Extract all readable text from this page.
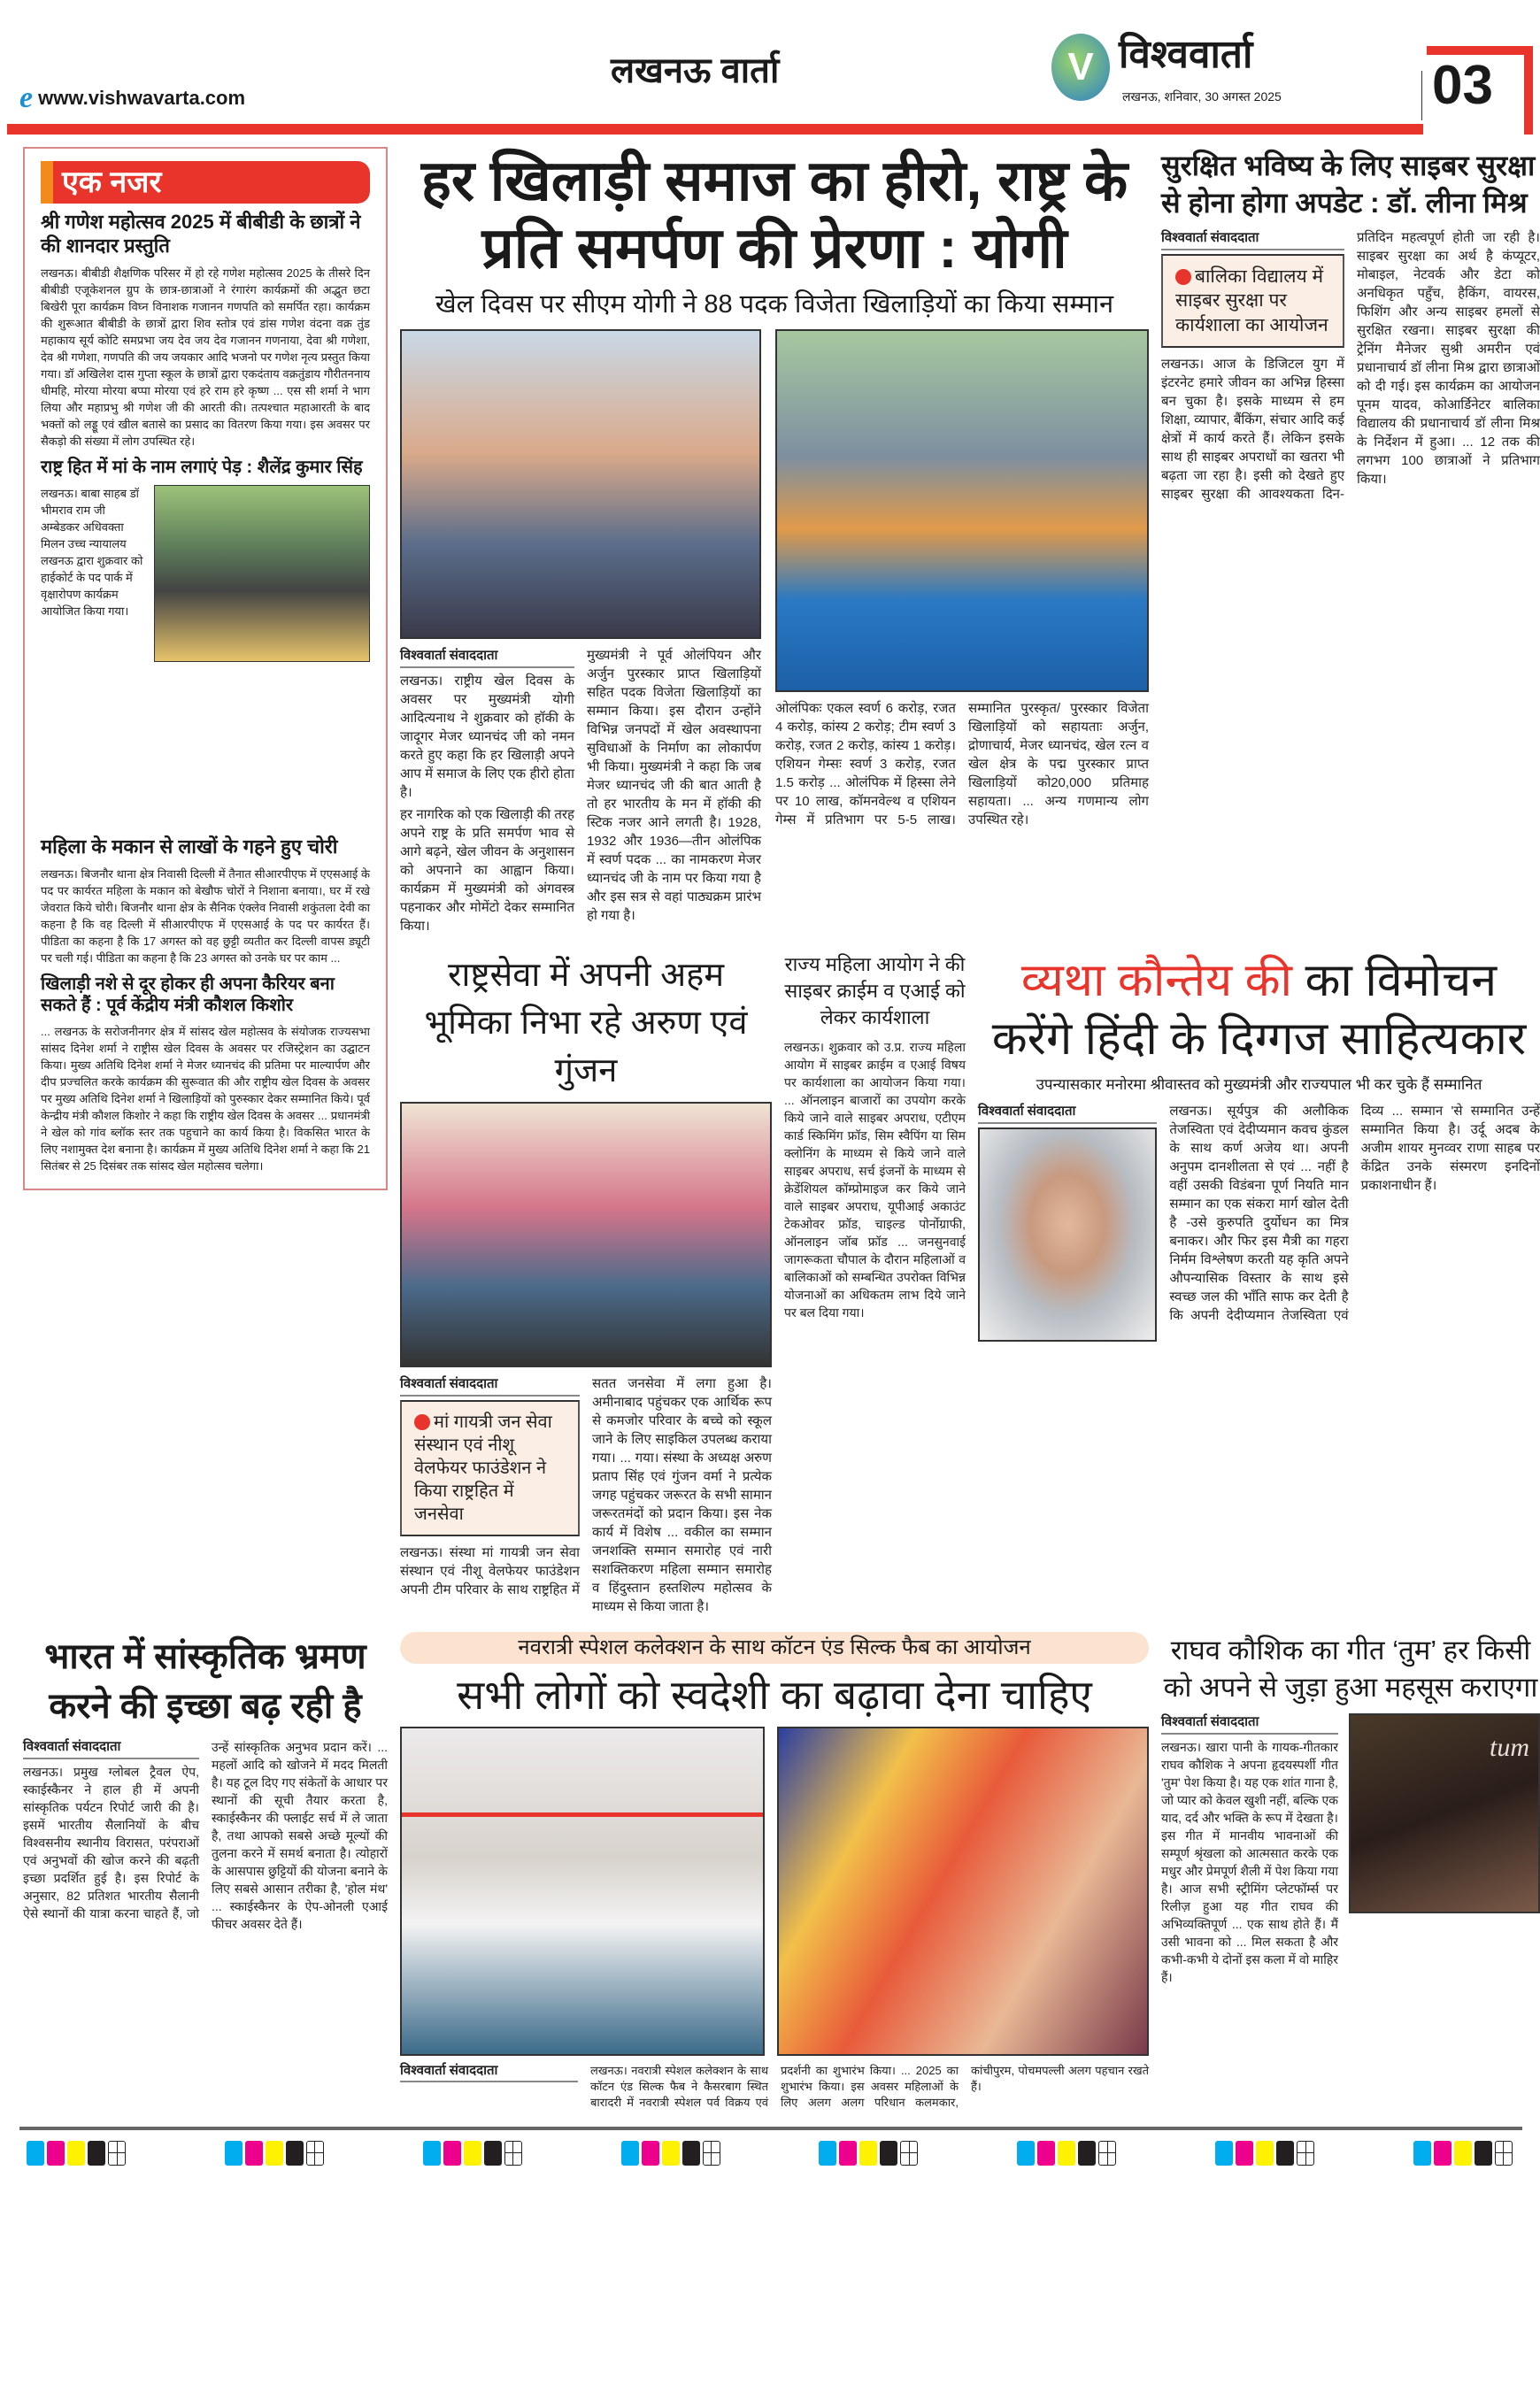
e www.vishwavarta.com
लखनऊ वार्ता	V विश्ववार्ता
लखनऊ, शनिवार, 30 अगस्त 2025	03
एक नजर
श्री गणेश महोत्सव 2025 में बीबीडी के छात्रों ने की शानदार प्रस्तुति
लखनऊ। बीबीडी शैक्षणिक परिसर में हो रहे गणेश महोत्सव 2025 के तीसरे दिन बीबीडी एजूकेशनल ग्रुप के छात्र-छात्राओं ने रंगारंग कार्यक्रमों की अद्भुत छटा बिखेरी पूरा कार्यक्रम विघ्न विनाशक गजानन गणपति को समर्पित रहा। कार्यक्रम की शुरूआत बीबीडी के छात्रों द्वारा शिव स्तोत्र एवं डांस गणेश वंदना वक्र तुंड महाकाय सूर्य कोटि समप्रभा जय देव जय देव गजानन गणनाया, देवा श्री गणेशा, देव श्री गणेशा, गणपति की जय जयकार आदि भजनो पर गणेश नृत्य प्रस्तुत किया गया। डॉ अखिलेश दास गुप्ता स्कूल के छात्रों द्वारा एकदंताय वक्रतुंडाय गौरीतननाय धीमहि, मोरया मोरया बप्पा मोरया एवं हरे राम हरे कृष्ण ... एस सी शर्मा ने भाग लिया और महाप्रभु श्री गणेश जी की आरती की। तत्पश्चात महाआरती के बाद भक्तों को लड्डू एवं खील बतासे का प्रसाद का वितरण किया गया। इस अवसर पर सैकड़ो की संख्या में लोग उपस्थित रहे।
राष्ट्र हित में मां के नाम लगाएं पेड़ : शैलेंद्र कुमार सिंह
लखनऊ। बाबा साहब डॉ भीमराव राम जी अम्बेडकर अधिवक्ता मिलन उच्च न्यायालय लखनऊ द्वारा शुक्रवार को हाईकोर्ट के पद पार्क में वृक्षारोपण कार्यक्रम आयोजित किया गया।
महिला के मकान से लाखों के गहने हुए चोरी
लखनऊ। बिजनौर थाना क्षेत्र निवासी दिल्ली में तैनात सीआरपीएफ में एएसआई के पद पर कार्यरत महिला के मकान को बेखौफ चोरों ने निशाना बनाया।, घर में रखे जेवरात किये चोरी। बिजनौर थाना क्षेत्र के सैनिक एंक्लेव निवासी शकुंतला देवी का कहना है कि वह दिल्ली में सीआरपीएफ में एएसआई के पद पर कार्यरत हैं। पीडिता का कहना है कि 17 अगस्त को वह छुट्टी व्यतीत कर दिल्ली वापस ड्यूटी पर चली गई। पीडिता का कहना है कि 23 अगस्त को उनके घर पर काम ...
खिलाड़ी नशे से दूर होकर ही अपना कैरियर बना सकते हैं : पूर्व केंद्रीय मंत्री कौशल किशोर
... लखनऊ के सरोजनीनगर क्षेत्र में सांसद खेल महोत्सव के संयोजक राज्यसभा सांसद दिनेश शर्मा ने राष्ट्रीस खेल दिवस के अवसर पर रजिस्ट्रेशन का उद्घाटन किया। मुख्य अतिथि दिनेश शर्मा ने मेजर ध्यानचंद की प्रतिमा पर माल्यार्पण और दीप प्रज्चलित करके कार्यक्रम की सुरूवात की और राष्ट्रीय खेल दिवस के अवसर पर मुख्य अतिथि दिनेश शर्मा ने खिलाड़ियों को पुरुस्कार देकर सम्मानित किये। पूर्व केन्द्रीय मंत्री कौशल किशोर ने कहा कि राष्ट्रीय खेल दिवस के अवसर ... प्रधानमंत्री ने खेल को गांव ब्लॉक स्तर तक पहुचाने का कार्य किया है। विकसित भारत के लिए नशामुक्त देश बनाना है। कार्यक्रम में मुख्य अतिथि दिनेश शर्मा ने कहा कि 21 सितंबर से 25 दिसंबर तक सांसद खेल महोत्सव चलेगा।
हर खिलाड़ी समाज का हीरो, राष्ट्र के प्रति समर्पण की प्रेरणा : योगी
खेल दिवस पर सीएम योगी ने 88 पदक विजेता खिलाड़ियों का किया सम्मान
विश्ववार्ता संवाददाता

लखनऊ। राष्ट्रीय खेल दिवस के अवसर पर मुख्यमंत्री योगी आदित्यनाथ ने शुक्रवार को हॉकी के जादूगर मेजर ध्यानचंद जी को नमन करते हुए कहा कि हर खिलाड़ी अपने आप में समाज के लिए एक हीरो होता है।

हर नागरिक को एक खिलाड़ी की तरह अपने राष्ट्र के प्रति समर्पण भाव से आगे बढ़ने, खेल जीवन के अनुशासन को अपनाने का आह्वान किया। कार्यक्रम में मुख्यमंत्री को अंगवस्त्र पहनाकर और मोमेंटो देकर सम्मानित किया।

मुख्यमंत्री ने पूर्व ओलंपियन और अर्जुन पुरस्कार प्राप्त खिलाड़ियों सहित पदक विजेता खिलाड़ियों का सम्मान किया। इस दौरान उन्होंने विभिन्न जनपदों में खेल अवस्थापना सुविधाओं के निर्माण का लोकार्पण भी किया। मुख्यमंत्री ने कहा कि जब मेजर ध्यानचंद जी की बात आती है तो हर भारतीय के मन में हॉकी की स्टिक नजर आने लगती है। 1928, 1932 और 1936—तीन ओलंपिक में स्वर्ण पदक ... का नामकरण मेजर ध्यानचंद जी के नाम पर किया गया है और इस सत्र से वहां पाठ्यक्रम प्रारंभ हो गया है।

ओलंपिकः एकल स्वर्ण 6 करोड़, रजत 4 करोड़, कांस्य 2 करोड़; टीम स्वर्ण 3 करोड़, रजत 2 करोड़, कांस्य 1 करोड़। एशियन गेम्सः स्वर्ण 3 करोड़, रजत 1.5 करोड़ ... ओलंपिक में हिस्सा लेने पर 10 लाख, कॉमनवेल्थ व एशियन गेम्स में प्रतिभाग पर 5-5 लाख। सम्मानित पुरस्कृत/ पुरस्कार विजेता खिलाड़ियों को सहायताः अर्जुन, द्रोणाचार्य, मेजर ध्यानचंद, खेल रत्न व खेल क्षेत्र के पद्म पुरस्कार प्राप्त खिलाड़ियों को20,000 प्रतिमाह सहायता। ... अन्य गणमान्य लोग उपस्थित रहे।

सुरक्षित भविष्य के लिए साइबर सुरक्षा से होना होगा अपडेट : डॉ. लीना मिश्र
विश्ववार्ता संवाददाता
बालिका विद्यालय में साइबर सुरक्षा पर कार्यशाला का आयोजन
लखनऊ। आज के डिजिटल युग में इंटरनेट हमारे जीवन का अभिन्न हिस्सा बन चुका है। इसके माध्यम से हम शिक्षा, व्यापार, बैंकिंग, संचार आदि कई क्षेत्रों में कार्य करते हैं। लेकिन इसके साथ ही साइबर अपराधों का खतरा भी बढ़ता जा रहा है। इसी को देखते हुए साइबर सुरक्षा की आवश्यकता दिन-प्रतिदिन महत्वपूर्ण होती जा रही है। साइबर सुरक्षा का अर्थ है कंप्यूटर, मोबाइल, नेटवर्क और डेटा को अनधिकृत पहुँच, हैकिंग, वायरस, फिशिंग और अन्य साइबर हमलों से सुरक्षित रखना। साइबर सुरक्षा की ट्रेनिंग मैनेजर सुश्री अमरीन एवं प्रधानाचार्य डॉ लीना मिश्र द्वारा छात्राओं को दी गई। इस कार्यक्रम का आयोजन पूनम यादव, कोआर्डिनेटर बालिका विद्यालय की प्रधानाचार्य डॉ लीना मिश्र के निर्देशन में हुआ। ... 12 तक की लगभग 100 छात्राओं ने प्रतिभाग किया।
राष्ट्रसेवा में अपनी अहम भूमिका निभा रहे अरुण एवं गुंजन
विश्ववार्ता संवाददाता
मां गायत्री जन सेवा संस्थान एवं नीशू वेलफेयर फाउंडेशन ने किया राष्ट्रहित में जनसेवा
लखनऊ। संस्था मां गायत्री जन सेवा संस्थान एवं नीशू वेलफेयर फाउंडेशन अपनी टीम परिवार के साथ राष्ट्रहित में सतत जनसेवा में लगा हुआ है। अमीनाबाद पहुंचकर एक आर्थिक रूप से कमजोर परिवार के बच्चे को स्कूल जाने के लिए साइकिल उपलब्ध कराया गया। ... गया। संस्था के अध्यक्ष अरुण प्रताप सिंह एवं गुंजन वर्मा ने प्रत्येक जगह पहुंचकर जरूरत के सभी सामान जरूरतमंदों को प्रदान किया। इस नेक कार्य में विशेष ... वकील का सम्मान जनशक्ति सम्मान समारोह एवं नारी सशक्तिकरण महिला सम्मान समारोह व हिंदुस्तान हस्तशिल्प महोत्सव के माध्यम से किया जाता है।
राज्य महिला आयोग ने की साइबर क्राईम व एआई को लेकर कार्यशाला
लखनऊ। शुक्रवार को उ.प्र. राज्य महिला आयोग में साइबर क्राईम व एआई विषय पर कार्यशाला का आयोजन किया गया। ... ऑनलाइन बाजारों का उपयोग करके किये जाने वाले साइबर अपराध, एटीएम कार्ड स्किमिंग फ्रॉड, सिम स्वैपिंग या सिम क्लोनिंग के माध्यम से किये जाने वाले साइबर अपराध, सर्च इंजनों के माध्यम से क्रेडेंशियल कॉम्प्रोमाइज कर किये जाने वाले साइबर अपराध, यूपीआई अकाउंट टेकओवर फ्रॉड, चाइल्ड पोर्नोग्राफी, ऑनलाइन जॉब फ्रॉड ... जनसुनवाई जागरूकता चौपाल के दौरान महिलाओं व बालिकाओं को सम्बन्धित उपरोक्त विभिन्न योजनाओं का अधिकतम लाभ दिये जाने पर बल दिया गया।
व्यथा कौन्तेय की का विमोचन करेंगे हिंदी के दिग्गज साहित्यकार
उपन्यासकार मनोरमा श्रीवास्तव को मुख्यमंत्री और राज्यपाल भी कर चुके हैं सम्मानित
विश्ववार्ता संवाददाता	लखनऊ। सूर्यपुत्र की अलौकिक तेजस्विता एवं देदीप्यमान कवच कुंडल के साथ कर्ण अजेय था। अपनी अनुपम दानशीलता से एवं ... नहीं है वहीं उसकी विडंबना पूर्ण नियति मान सम्मान का एक संकरा मार्ग खोल देती है -उसे कुरुपति दुर्योधन का मित्र बनाकर। और फिर इस मैत्री का गहरा निर्मम विश्लेषण करती यह कृति अपने औपन्यासिक विस्तार के साथ इसे स्वच्छ जल की भाँति साफ कर देती है कि अपनी देदीप्यमान तेजस्विता एवं दिव्य ... सम्मान 'से सम्मानित उन्हें सम्मानित किया है। उर्दू अदब के अजीम शायर मुनव्वर राणा साहब पर केंद्रित उनके संस्मरण इनदिनों प्रकाशनाधीन हैं।
भारत में सांस्कृतिक भ्रमण करने की इच्छा बढ़ रही है
विश्ववार्ता संवाददाता
लखनऊ। प्रमुख ग्लोबल ट्रैवल ऐप, स्काईस्कैनर ने हाल ही में अपनी सांस्कृतिक पर्यटन रिपोर्ट जारी की है। इसमें भारतीय सैलानियों के बीच विश्वसनीय स्थानीय विरासत, परंपराओं एवं अनुभवों की खोज करने की बढ़ती इच्छा प्रदर्शित हुई है। इस रिपोर्ट के अनुसार, 82 प्रतिशत भारतीय सैलानी ऐसे स्थानों की यात्रा करना चाहते हैं, जो उन्हें सांस्कृतिक अनुभव प्रदान करें। ... महलों आदि को खोजने में मदद मिलती है। यह टूल दिए गए संकेतों के आधार पर स्थानों की सूची तैयार करता है, स्काईस्कैनर की फ्लाईट सर्च में ले जाता है, तथा आपको सबसे अच्छे मूल्यों की तुलना करने में समर्थ बनाता है। त्योहारों के आसपास छुट्टियों की योजना बनाने के लिए सबसे आसान तरीका है, 'होल मंथ' ... स्काईस्कैनर के ऐप-ओनली एआई फीचर अवसर देते हैं।
नवरात्री स्पेशल कलेक्शन के साथ कॉटन एंड सिल्क फैब का आयोजन
सभी लोगों को स्वदेशी का बढ़ावा देना चाहिए
विश्ववार्ता संवाददाता	लखनऊ। नवरात्री स्पेशल कलेक्शन के साथ कॉटन एंड सिल्क फैब ने कैसरबाग स्थित बारादरी में नवरात्री स्पेशल पर्व विक्रय एवं प्रदर्शनी का शुभारंभ किया। ... 2025 का शुभारंभ किया। इस अवसर महिलाओं के लिए अलग अलग परिधान कलमकार, कांचीपुरम, पोचमपल्ली अलग पहचान रखते हैं।
राघव कौशिक का गीत ‘तुम’ हर किसी को अपने से जुड़ा हुआ महसूस कराएगा
विश्ववार्ता संवाददाता
लखनऊ। खारा पानी के गायक-गीतकार राघव कौशिक ने अपना हृदयस्पर्शी गीत 'तुम' पेश किया है। यह एक शांत गाना है, जो प्यार को केवल खुशी नहीं, बल्कि एक याद, दर्द और भक्ति के रूप में देखता है। इस गीत में मानवीय भावनाओं की सम्पूर्ण श्रृंखला को आत्मसात करके एक मधुर और प्रेमपूर्ण शैली में पेश किया गया है। आज सभी स्ट्रीमिंग प्लेटफॉर्म्स पर रिलीज़ हुआ यह गीत राघव की अभिव्यक्तिपूर्ण ... एक साथ होते हैं। मैं उसी भावना को ... मिल सकता है और कभी-कभी ये दोनों इस कला में वो माहिर हैं।
tum
